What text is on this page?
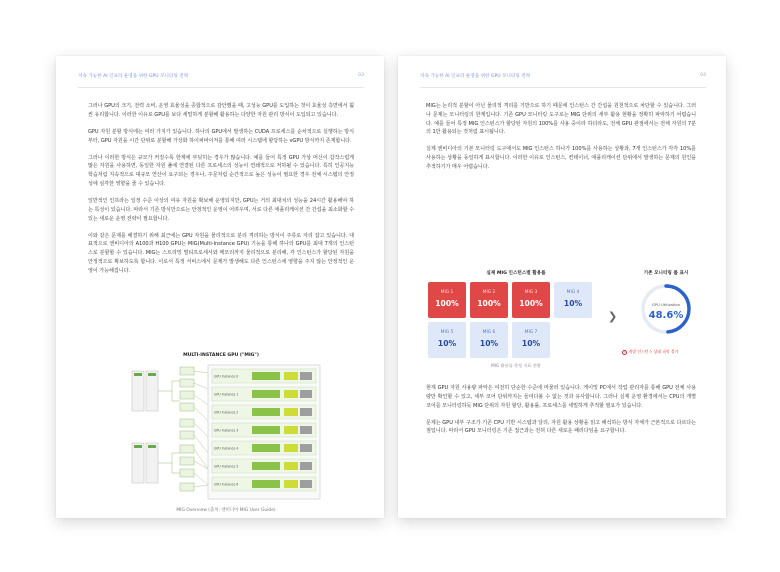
지속 가능한 AI 인프라 운영을 위한 GPU 모니터링 전략	03

그러나 GPU의 크기, 전력 소비, 운영 효율성을 종합적으로 감안했을 때, 고성능 GPU를 도입하는 것이 효율성 측면에서 훨씬 유리합니다. 이러한 이유로 GPU를 보다 세밀하게 분할해 활용하는 다양한 자원 관리 방식이 도입되고 있습니다.

GPU 자원 분할 방식에는 여러 가지가 있습니다. 하나의 GPU에서 발생하는 CUDA 프로세스를 순차적으로 실행하는 방식부터, GPU 자원을 시간 단위로 분할해 가상화 하이퍼바이저를 통해 여러 시스템에 할당하는 vGPU 방식까지 존재합니다.

그러나 이러한 방식은 규모가 커질수록 한계에 부딪히는 경우가 많습니다. 예를 들어 특정 GPU 가상 머신이 갑작스럽게 많은 자원을 사용하면, 동일한 자원 풀에 연결된 다른 프로세스의 성능이 연쇄적으로 저하될 수 있습니다. 특히 인공지능 학습처럼 지속적으로 대규모 연산이 요구되는 경우나, 주문처럼 순간적으로 높은 성능이 필요한 경우 전체 시스템의 안정성에 심각한 영향을 줄 수 있습니다.

일반적인 인프라는 일정 수준 이상의 여유 자원을 확보해 운영되지만, GPU는 거의 최대치의 성능을 24시간 활용해야 하는 특성이 있습니다. 따라서 기존 방식만으로는 안정적인 운영이 어려우며, 서로 다른 애플리케이션 간 간섭을 최소화할 수 있는 새로운 운영 전략이 필요합니다.

이와 같은 문제를 해결하기 위해 최근에는 GPU 자원을 물리적으로 분리 격리하는 방식이 주류로 자리 잡고 있습니다. 대표적으로 엔비디아의 A100과 H100 GPU는 MIG(Multi-Instance GPU) 기능을 통해 하나의 GPU를 최대 7개의 인스턴스로 분할할 수 있습니다. MIG는 스트리밍 멀티프로세서와 메모리까지 물리적으로 분리해, 각 인스턴스가 할당된 자원을 안정적으로 확보하도록 합니다. 이로서 특정 서비스에서 문제가 발생해도 다른 인스턴스에 영향을 주지 않는 안정적인 운영이 가능해집니다.

MULTI-INSTANCE GPU ("MIG")
GPU Instance 0
GPU Instance 1
GPU Instance 2
GPU Instance 3
GPU Instance 4
GPU Instance 5
GPU Instance 6
MIG Overview (출처: 엔비디아 MIG User Guide)
지속 가능한 AI 인프라 운영을 위한 GPU 모니터링 전략	04

MIG는 논리적 분할이 아닌 물리적 격리를 기반으로 하기 때문에 인스턴스 간 간섭을 원천적으로 차단할 수 있습니다. 그러나 문제는 모니터링의 한계입니다. 기존 GPU 모니터링 도구로는 MIG 단위의 세부 활용 현황을 정확히 파악하기 어렵습니다. 예를 들어 특정 MIG 인스턴스가 할당된 자원의 100%를 사용 중이라 하더라도, 전체 GPU 관점에서는 전체 자원의 7분의 1만 활용되는 것처럼 표시됩니다.

실제 엔비디아의 기본 모니터링 도구에서도 MIG 인스턴스 하나가 100%를 사용하는 상황과, 7개 인스턴스가 각각 10%를 사용하는 상황을 동일하게 표시합니다. 이러한 이유로 인스턴스, 컨테이너, 애플리케이션 단위에서 발생하는 문제의 원인을 추적하기가 매우 어렵습니다.

실제 MIG 인스턴스별 활용률
MIG 1
100%
MIG 2
100%
MIG 3
100%
MIG 4
10%
MIG 5
10%
MIG 6
10%
MIG 7
10%
❯
기존 모니터링 툴 표시
GPU Utilization
48.6%
! 개별 인스턴스 상태 파악 불가
MIG 활용률 측정 지표 현황

현재 GPU 자원 사용량 파악은 여전히 단순한 수준에 머물러 있습니다. 게이밍 PC에서 작업 관리자를 통해 GPU 전체 사용량만 확인할 수 있고, 세부 코어 단위까지는 들여다볼 수 없는 것과 유사합니다. 그러나 실제 운영 환경에서는 CPU의 개별 코어를 모니터링하듯 MIG 단위의 자원 할당, 활용률, 프로세스를 세밀하게 추적할 필요가 있습니다.

문제는 GPU 내부 구조가 기존 CPU 기반 시스템과 달리, 자원 활용 상황을 읽고 해석하는 방식 자체가 근본적으로 다르다는 점입니다. 따라서 GPU 모니터링은 기존 접근과는 전혀 다른 새로운 패러다임을 요구합니다.
